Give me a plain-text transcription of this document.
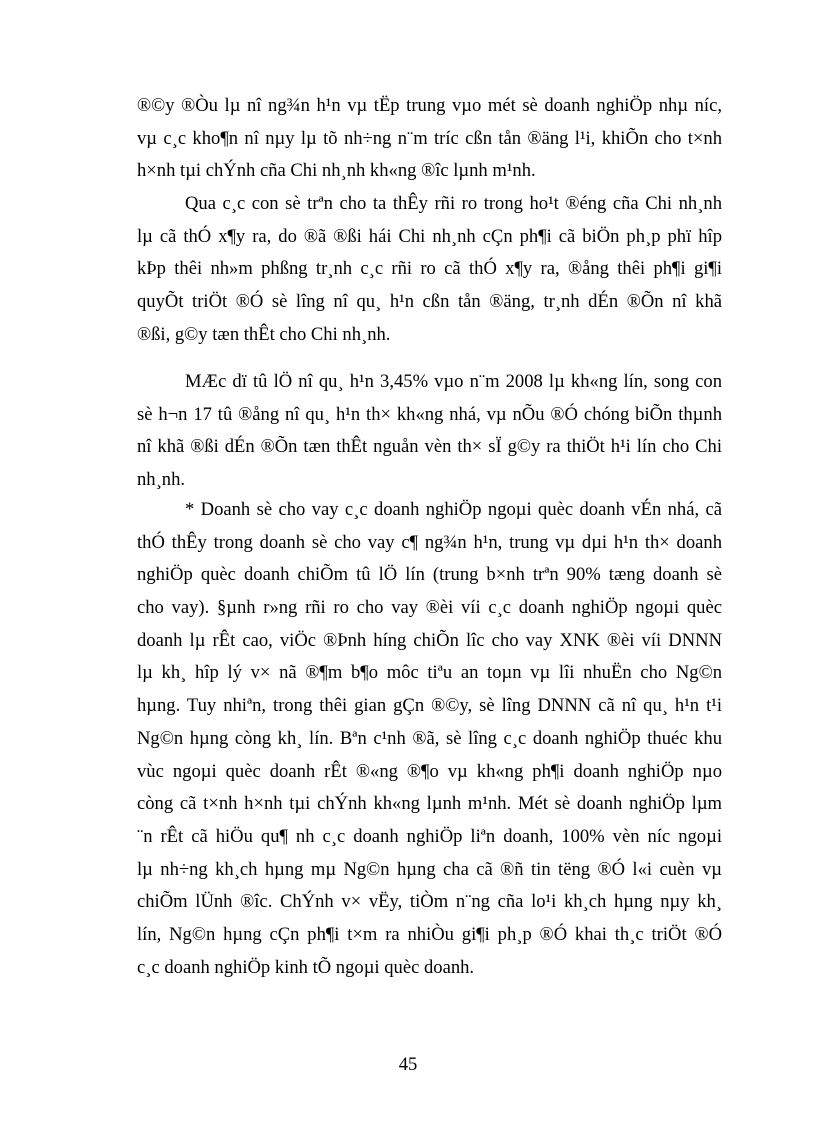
®©y ®Òu lµ nî ng¾n h¹n vµ tËp trung vµo mét sè doanh nghiÖp nhµ níc,
vµ c¸c kho¶n nî nµy lµ tõ nh÷ng n¨m tríc cßn tån ®äng l¹i, khiÕn cho t×nh
h×nh tµi chÝnh cña Chi nh¸nh kh«ng ®îc lµnh m¹nh.
Qua c¸c con sè trªn cho ta thÊy rñi ro trong ho¹t ®éng cña Chi nh¸nh
lµ cã thÓ x¶y ra, do ®ã ®ßi hái Chi nh¸nh cÇn ph¶i cã biÖn ph¸p phï hîp
kÞp thêi nh»m phßng tr¸nh c¸c rñi ro cã thÓ x¶y ra, ®ång thêi ph¶i gi¶i
quyÕt triÖt ®Ó sè lîng nî qu¸ h¹n cßn tån ®äng, tr¸nh dÉn ®Õn nî khã
®ßi, g©y tæn thÊt cho Chi nh¸nh.
MÆc dï tû lÖ nî qu¸ h¹n 3,45% vµo n¨m 2008 lµ kh«ng lín, song con
sè h¬n 17 tû ®ång nî qu¸ h¹n th× kh«ng nhá, vµ nÕu ®Ó chóng biÕn thµnh
nî khã ®ßi dÉn ®Õn tæn thÊt nguån vèn th× sÏ g©y ra thiÖt h¹i lín cho Chi
nh¸nh.
* Doanh sè cho vay c¸c doanh nghiÖp ngoµi quèc doanh vÉn nhá, cã
thÓ thÊy trong doanh sè cho vay c¶ ng¾n h¹n, trung vµ dµi h¹n th× doanh
nghiÖp quèc doanh chiÕm tû lÖ lín (trung b×nh trªn 90% tæng doanh sè
cho vay). §µnh r»ng rñi ro cho vay ®èi víi c¸c doanh nghiÖp ngoµi quèc
doanh lµ rÊt cao, viÖc ®Þnh híng chiÕn lîc cho vay XNK ®èi víi DNNN
lµ kh¸ hîp lý v× nã ®¶m b¶o môc tiªu an toµn vµ lîi nhuËn cho Ng©n
hµng. Tuy nhiªn, trong thêi gian gÇn ®©y, sè lîng DNNN cã nî qu¸ h¹n t¹i
Ng©n hµng còng kh¸ lín. Bªn c¹nh ®ã, sè lîng c¸c doanh nghiÖp thuéc khu
vùc ngoµi quèc doanh rÊt ®«ng ®¶o vµ kh«ng ph¶i doanh nghiÖp nµo
còng cã t×nh h×nh tµi chÝnh kh«ng lµnh m¹nh. Mét sè doanh nghiÖp lµm
¨n rÊt cã hiÖu qu¶ nh c¸c doanh nghiÖp liªn doanh, 100% vèn níc ngoµi
lµ nh÷ng kh¸ch hµng mµ Ng©n hµng cha cã ®ñ tin tëng ®Ó l«i cuèn vµ
chiÕm lÜnh ®îc. ChÝnh v× vËy, tiÒm n¨ng cña lo¹i kh¸ch hµng nµy kh¸
lín, Ng©n hµng cÇn ph¶i t×m ra nhiÒu gi¶i ph¸p ®Ó khai th¸c triÖt ®Ó
c¸c doanh nghiÖp kinh tÕ ngoµi quèc doanh.
45
